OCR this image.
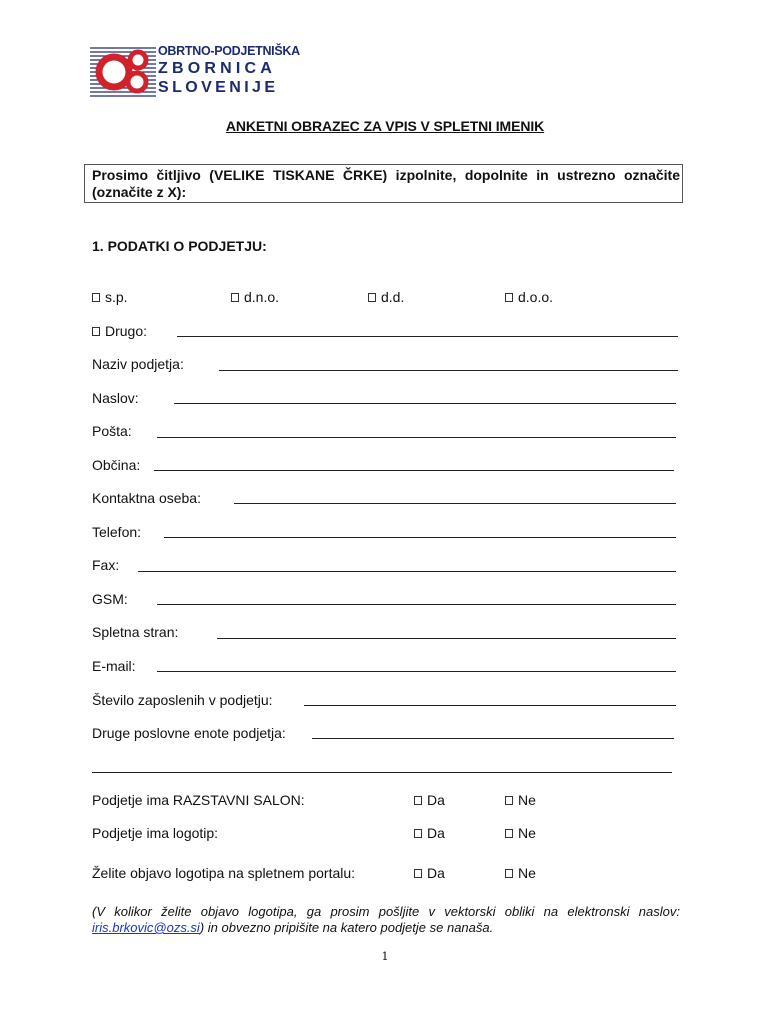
OBRTNO-PODJETNIŠKA
ZBORNICA
SLOVENIJE
ANKETNI OBRAZEC ZA VPIS V SPLETNI IMENIK
Prosimo čitljivo (VELIKE TISKANE ČRKE) izpolnite, dopolnite in ustrezno označite (označite z X):
1. PODATKI O PODJETJU:
s.p.	d.n.o.	d.d.	d.o.o.
Drugo:
Naziv podjetja:
Naslov:
Pošta:
Občina:
Kontaktna oseba:
Telefon:
Fax:
GSM:
Spletna stran:
E-mail:
Število zaposlenih v podjetju:
Druge poslovne enote podjetja:
Podjetje ima RAZSTAVNI SALON:	Da	Ne
Podjetje ima logotip:	Da	Ne
Želite objavo logotipa na spletnem portalu:	Da	Ne
(V kolikor želite objavo logotipa, ga prosim pošljite v vektorski obliki na elektronski naslov: iris.brkovic@ozs.si) in obvezno pripišite na katero podjetje se nanaša.
1
